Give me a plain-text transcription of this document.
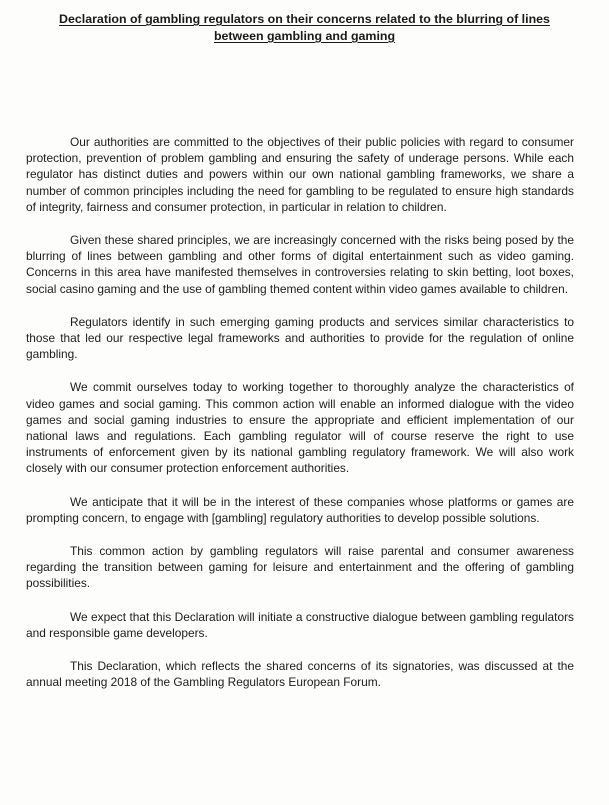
Declaration of gambling regulators on their concerns related to the blurring of lines
between gambling and gaming

Our authorities are committed to the objectives of their public policies with regard to consumer protection, prevention of problem gambling and ensuring the safety of underage persons. While each regulator has distinct duties and powers within our own national gambling frameworks, we share a number of common principles including the need for gambling to be regulated to ensure high standards of integrity, fairness and consumer protection, in particular in relation to children.

Given these shared principles, we are increasingly concerned with the risks being posed by the blurring of lines between gambling and other forms of digital entertainment such as video gaming. Concerns in this area have manifested themselves in controversies relating to skin betting, loot boxes, social casino gaming and the use of gambling themed content within video games available to children.

Regulators identify in such emerging gaming products and services similar characteristics to those that led our respective legal frameworks and authorities to provide for the regulation of online gambling.

We commit ourselves today to working together to thoroughly analyze the characteristics of video games and social gaming. This common action will enable an informed dialogue with the video games and social gaming industries to ensure the appropriate and efficient implementation of our national laws and regulations. Each gambling regulator will of course reserve the right to use instruments of enforcement given by its national gambling regulatory framework. We will also work closely with our consumer protection enforcement authorities.

We anticipate that it will be in the interest of these companies whose platforms or games are prompting concern, to engage with [gambling] regulatory authorities to develop possible solutions.

This common action by gambling regulators will raise parental and consumer awareness regarding the transition between gaming for leisure and entertainment and the offering of gambling possibilities.

We expect that this Declaration will initiate a constructive dialogue between gambling regulators and responsible game developers.

This Declaration, which reflects the shared concerns of its signatories, was discussed at the annual meeting 2018 of the Gambling Regulators European Forum.
